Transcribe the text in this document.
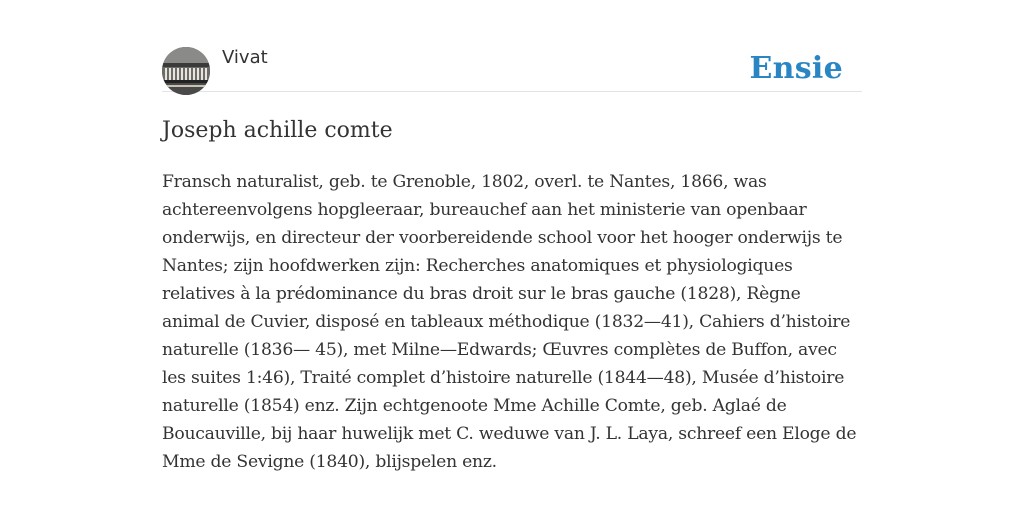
Vivat	Ensie
Joseph achille comte

Fransch naturalist, geb. te Grenoble, 1802, overl. te Nantes, 1866, was achtereenvolgens hopgleeraar, bureauchef aan het ministerie van openbaar onderwijs, en directeur der voorbereidende school voor het hooger onderwijs te Nantes; zijn hoofdwerken zijn: Recherches anatomiques et physiologiques relatives à la prédominance du bras droit sur le bras gauche (1828), Règne animal de Cuvier, disposé en tableaux méthodique (1832—41), Cahiers d’histoire naturelle (1836— 45), met Milne—Edwards; Œuvres complètes de Buffon, avec les suites 1:46), Traité complet d’histoire naturelle (1844—48), Musée d’histoire naturelle (1854) enz. Zijn echtgenoote Mme Achille Comte, geb. Aglaé de Boucauville, bij haar huwelijk met C. weduwe van J. L. Laya, schreef een Eloge de Mme de Sevigne (1840), blijspelen enz.
